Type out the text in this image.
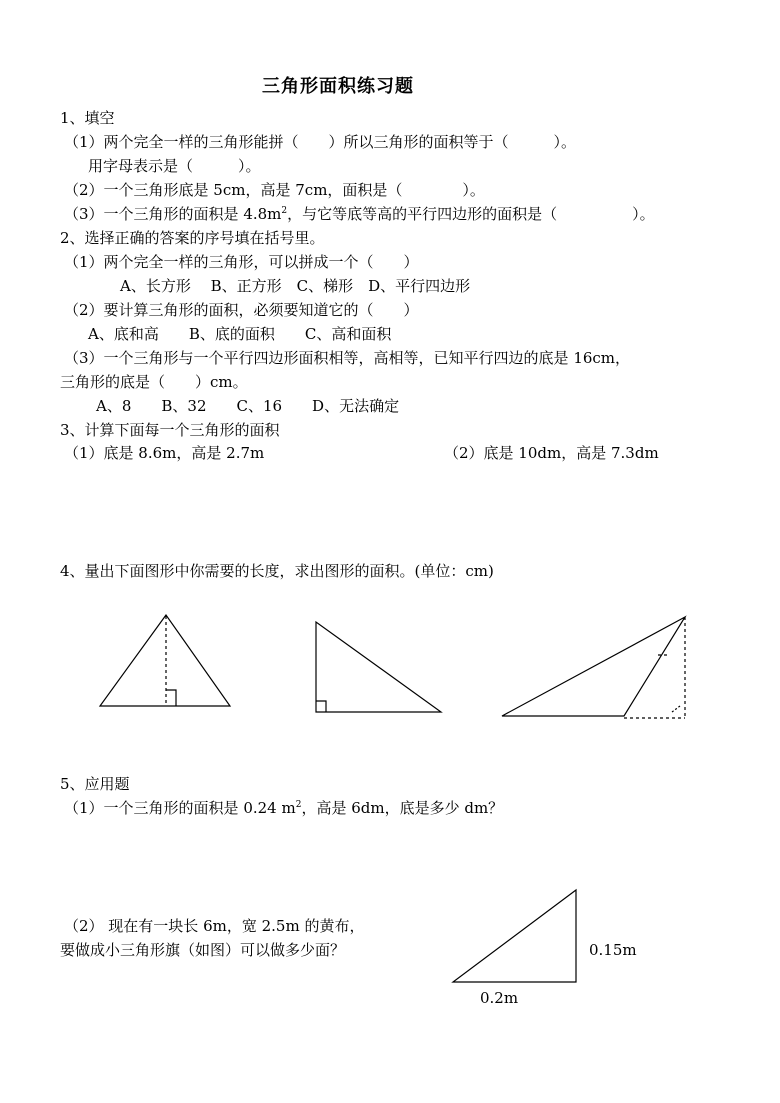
三角形面积练习题
1、填空
（1）两个完全一样的三角形能拼（　　）所以三角形的面积等于（　　　）。
用字母表示是（　　　）。
（2）一个三角形底是 5cm，高是 7cm，面积是（　　　　）。
（3）一个三角形的面积是 $4.8m^2$，与它等底等高的平行四边形的面积是（　　　　　）。
2、选择正确的答案的序号填在括号里。
（1）两个完全一样的三角形，可以拼成一个（　　）
A、长方形　 B、正方形　C、梯形　D、平行四边形
（2）要计算三角形的面积，必须要知道它的（　　）
A、底和高　　B、底的面积　　C、高和面积
（3）一个三角形与一个平行四边形面积相等，高相等，已知平行四边的底是 16cm，
三角形的底是（　　）cm。
A、8　　B、32　　C、16　　D、无法确定
3、计算下面每一个三角形的面积
（1）底是 8.6m，高是 2.7m	（2）底是 10dm，高是 7.3dm
4、量出下面图形中你需要的长度，求出图形的面积。(单位：cm)
5、应用题
（1）一个三角形的面积是 0.24 $m^2$，高是 6dm，底是多少 dm？
（2） 现在有一块长 6m，宽 2.5m 的黄布，
要做成小三角形旗（如图）可以做多少面？	0.15m
0.2m
